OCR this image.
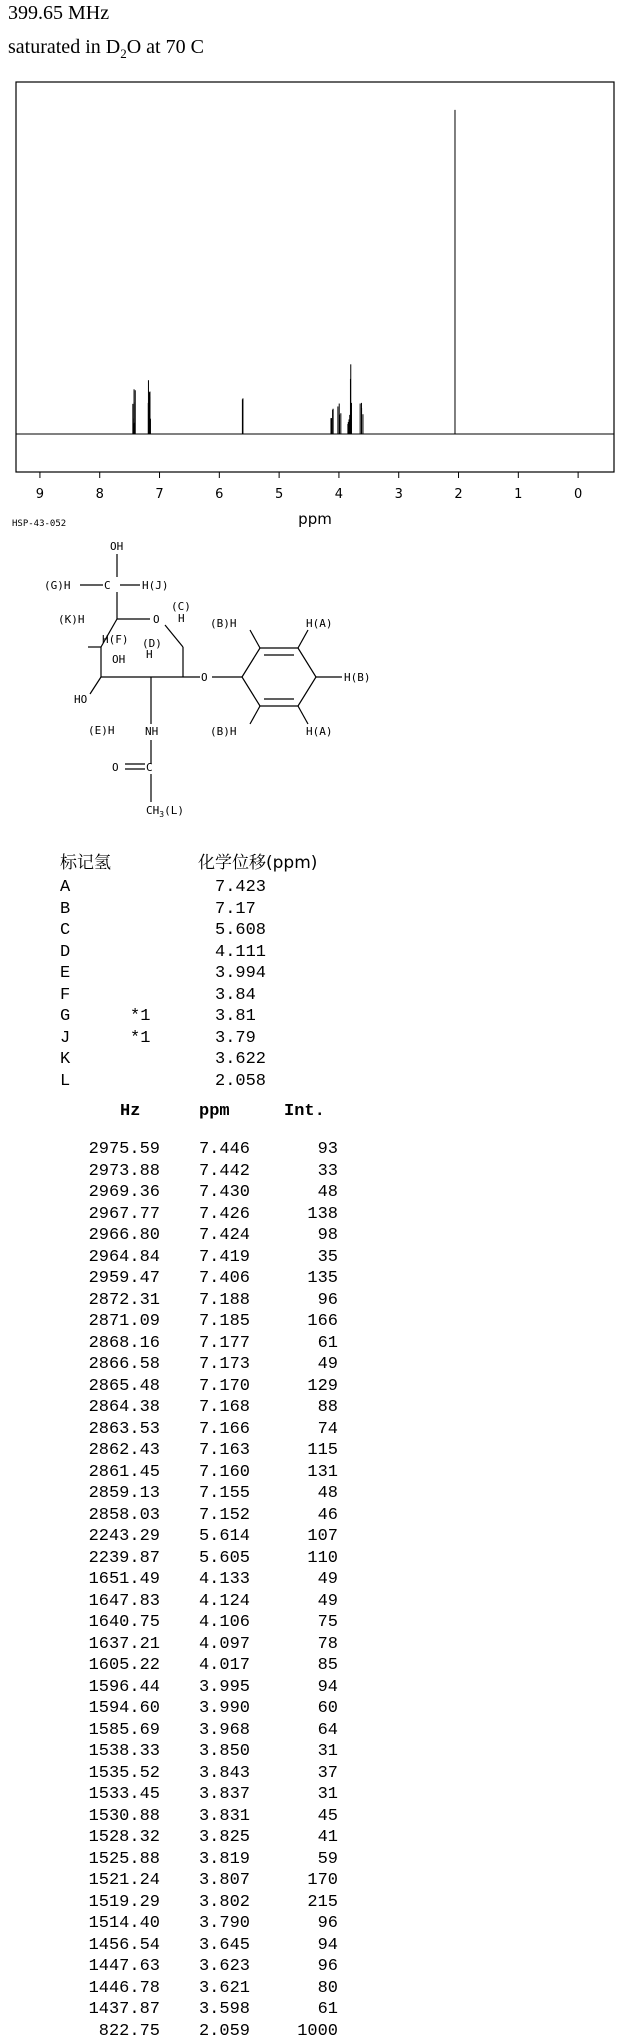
399.65 MHz
saturated in $D_2O$ at 70 C
9	8	7	6	5	4	3	2	1	0
ppm
HSP-43-052
OH
(G)H	C	H(J)
(K)H
(C)
H
O
H(F) (D)
H
OH
HO
(E)H	NH
O
(B)H	H(A)
H(B)
(B)H	H(A)
O C
$CH_3(L)$
标记氢	化学位移(ppm)
A	7.423
B	7.17
C	5.608
D	4.111
E	3.994
F	3.84
G	*1	3.81
J	*1	3.79
K	3.622
L	2.058
Hz	ppm	Int.
2975.59	7.446	93
2973.88	7.442	33
2969.36	7.430	48
2967.77	7.426	138
2966.80	7.424	98
2964.84	7.419	35
2959.47	7.406	135
2872.31	7.188	96
2871.09	7.185	166
2868.16	7.177	61
2866.58	7.173	49
2865.48	7.170	129
2864.38	7.168	88
2863.53	7.166	74
2862.43	7.163	115
2861.45	7.160	131
2859.13	7.155	48
2858.03	7.152	46
2243.29	5.614	107
2239.87	5.605	110
1651.49	4.133	49
1647.83	4.124	49
1640.75	4.106	75
1637.21	4.097	78
1605.22	4.017	85
1596.44	3.995	94
1594.60	3.990	60
1585.69	3.968	64
1538.33	3.850	31
1535.52	3.843	37
1533.45	3.837	31
1530.88	3.831	45
1528.32	3.825	41
1525.88	3.819	59
1521.24	3.807	170
1519.29	3.802	215
1514.40	3.790	96
1456.54	3.645	94
1447.63	3.623	96
1446.78	3.621	80
1437.87	3.598	61
822.75	2.059	1000
